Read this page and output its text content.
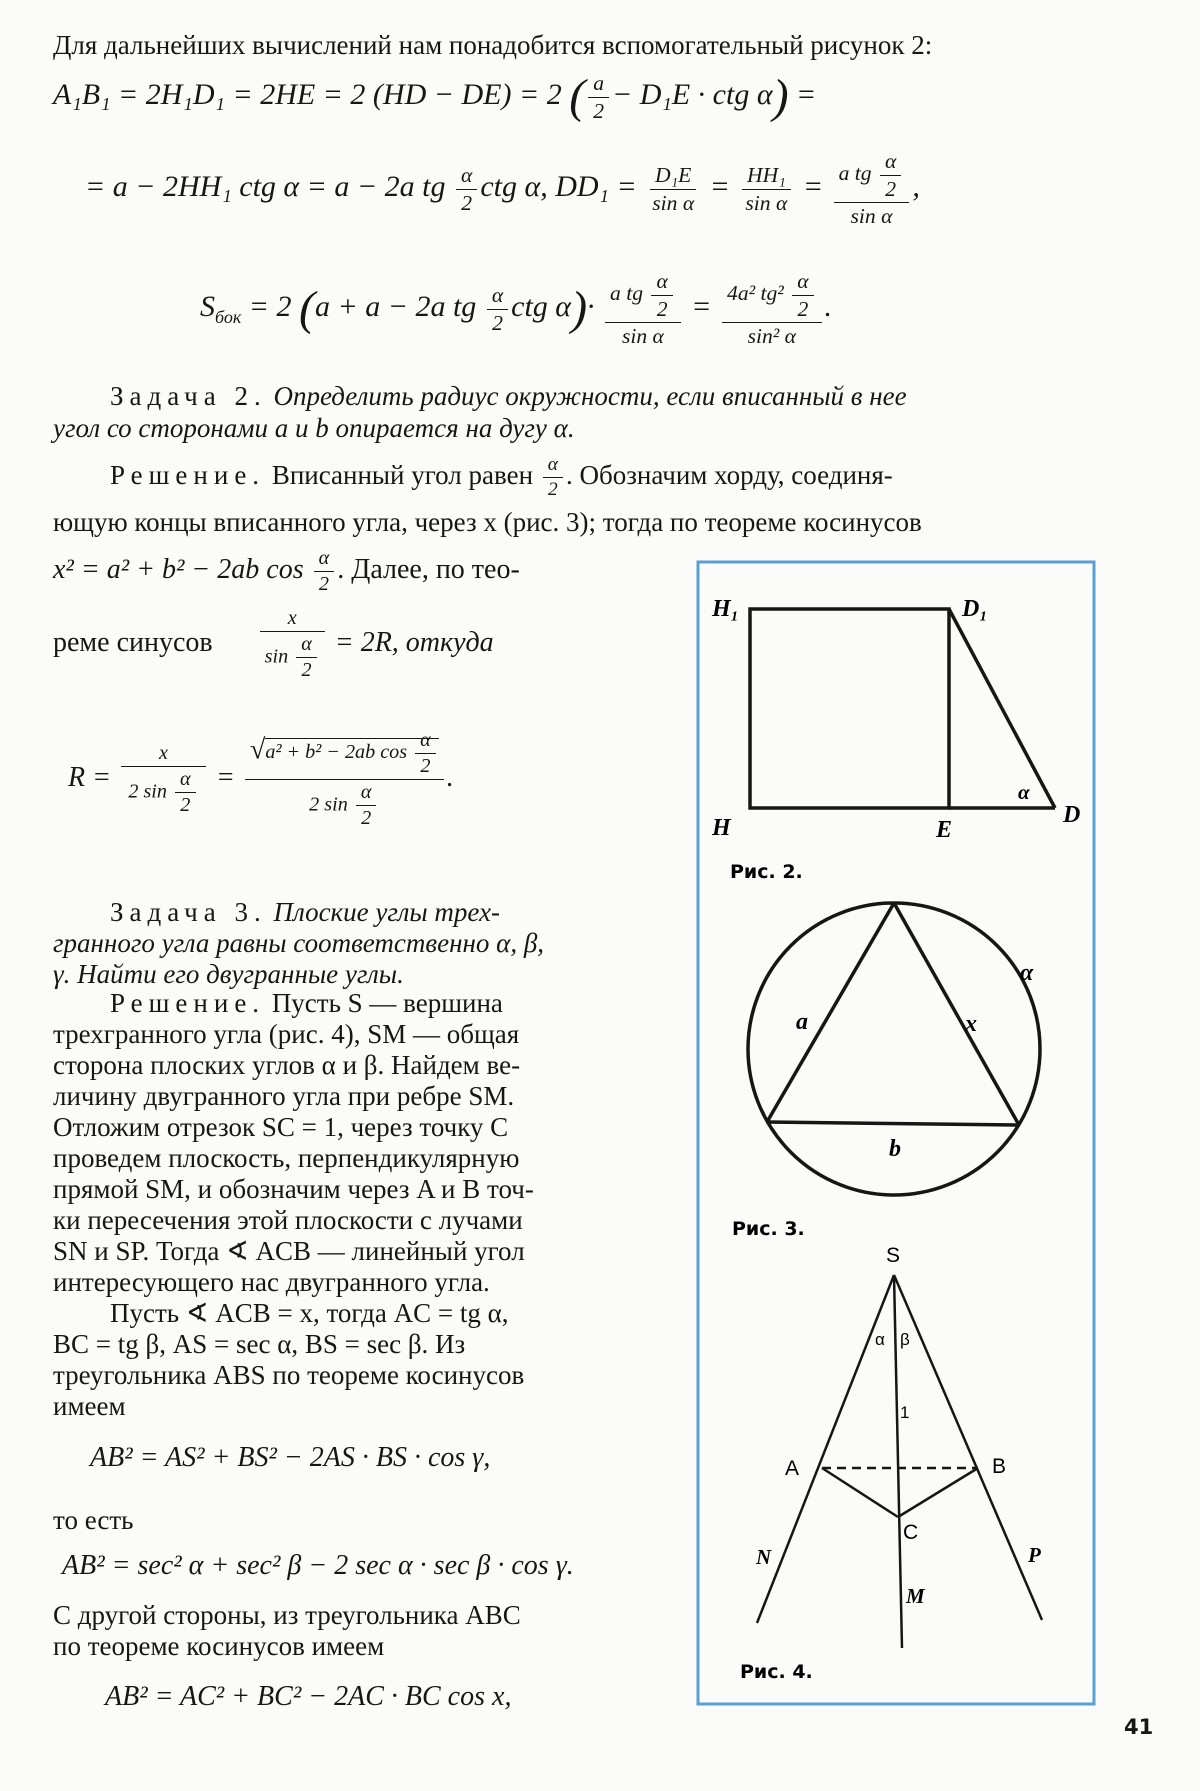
Для дальнейших вычислений нам понадобится вспомогательный рисунок 2:
A₁B₁ = 2H₁D₁ = 2HE = 2 (HD − DE) = 2 ( $\frac{a}{2} - D_1E$ · ctg α) =
= a − 2HH₁ ctg α = a − 2a tg $\frac{\alpha}{2}$ ctg α, $DD_1 = \frac{\text{D₁E}}{\text{sin α}} = \frac{\text{HH₁}}{\text{sin α}} = \frac{a tg \frac{\alpha}{2}}{\text{sin α}}$ ,
$S_{бок} = 2$ (a + a − 2a tg $\frac{\alpha}{2}$ ctg $\alpha)\cdot \frac{a tg \frac{\alpha}{2}}{\text{sin α}} = \frac{4a^2 tg^2 \frac{\alpha}{2}}{\text{sin² α}}$ .
Задача 2. Определить радиус окружности, если вписанный в нее
угол со сторонами a и b опирается на дугу α.
Решение. Вписанный угол равен $\frac{\alpha}{2}$ . Обозначим хорду, соединя-
ющую концы вписанного угла, через x (рис. 3); тогда по теореме косинусов
x² = a² + b² − 2ab $\cos \frac{\alpha}{2}$ . Далее, по тео-
реме синусов $\frac{x}{\sin \frac{\alpha}{2}} = 2R$, откуда
$R = \frac{x}{2 \sin \frac{\alpha}{2}} = \frac{√a^2 + b^2 - 2ab \cos \frac{\alpha}{2}}{2 \sin \frac{\alpha}{2}}$ .
Задача 3. Плоские углы трех-
гранного угла равны соответственно α, β,
γ. Найти его двугранные углы.
Решение. Пусть S — вершина
трехгранного угла (рис. 4), SM — общая
сторона плоских углов α и β. Найдем ве-
личину двугранного угла при ребре SM.
Отложим отрезок SC = 1, через точку C
проведем плоскость, перпендикулярную
прямой SM, и обозначим через A и B точ-
ки пересечения этой плоскости с лучами
SN и SP. Тогда ∢ ACB — линейный угол
интересующего нас двугранного угла.
Пусть ∢ ACB = x, тогда AC = tg α,
BC = tg β, AS = sec α, BS = sec β. Из
треугольника ABS по теореме косинусов
имеем
AB² = AS² + BS² − 2AS · BS · cos γ,
то есть
AB² = sec² α + sec² β − 2 sec α · sec β · cos γ.
С другой стороны, из треугольника ABC
по теореме косинусов имеем
AB² = AC² + BC² − 2AC · BC cos x,
H₁	D₁
H	E
D
α
Рис. 2.
a	x
b
α
Рис. 3.
S
α β
1
A	B
C
N	P
M
Рис. 4.
41
